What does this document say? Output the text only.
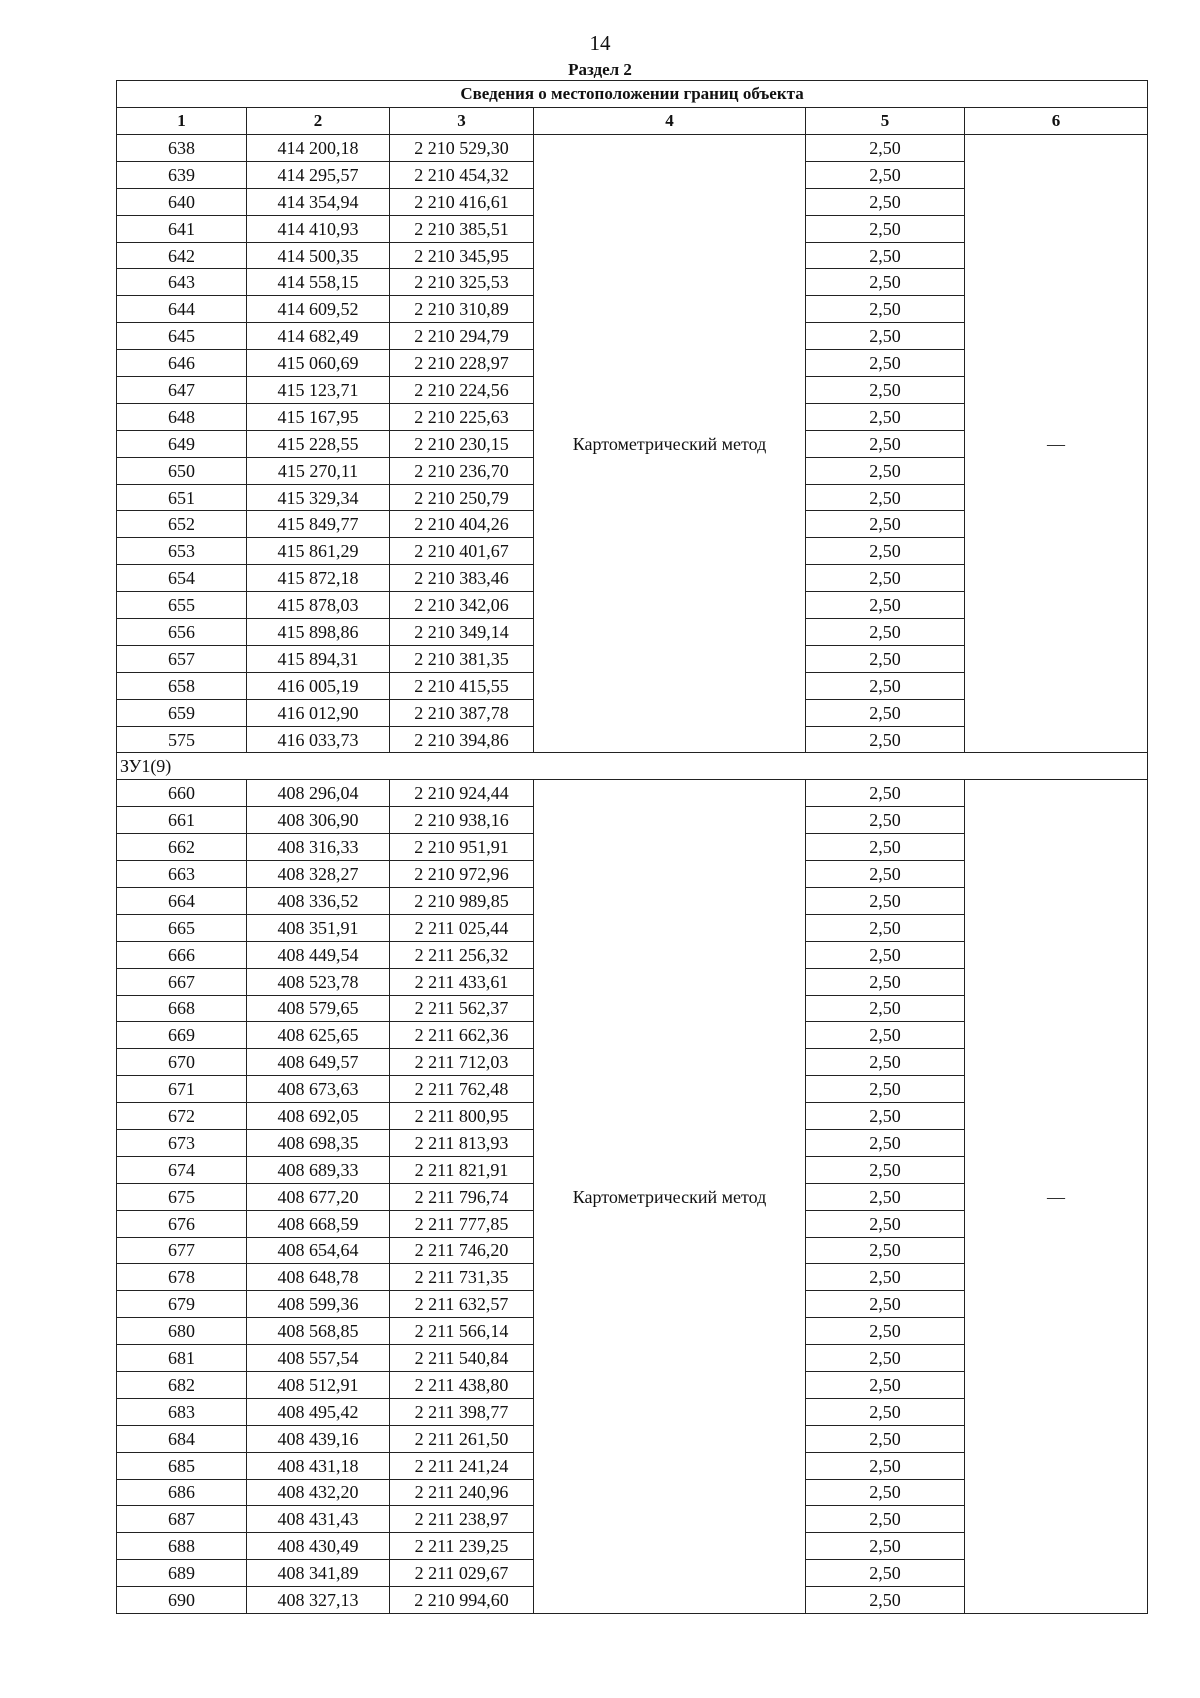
14
Раздел 2
Сведения о местоположении границ объекта					
1	2	3	4	5	6
638	414 200,18	2 210 529,30	Картометрический метод	2,50	—
639	414 295,57	2 210 454,32		2,50	
640	414 354,94	2 210 416,61		2,50	
641	414 410,93	2 210 385,51		2,50	
642	414 500,35	2 210 345,95		2,50	
643	414 558,15	2 210 325,53		2,50	
644	414 609,52	2 210 310,89		2,50	
645	414 682,49	2 210 294,79		2,50	
646	415 060,69	2 210 228,97		2,50	
647	415 123,71	2 210 224,56		2,50	
648	415 167,95	2 210 225,63		2,50	
649	415 228,55	2 210 230,15		2,50	
650	415 270,11	2 210 236,70		2,50	
651	415 329,34	2 210 250,79		2,50	
652	415 849,77	2 210 404,26		2,50	
653	415 861,29	2 210 401,67		2,50	
654	415 872,18	2 210 383,46		2,50	
655	415 878,03	2 210 342,06		2,50	
656	415 898,86	2 210 349,14		2,50	
657	415 894,31	2 210 381,35		2,50	
658	416 005,19	2 210 415,55		2,50	
659	416 012,90	2 210 387,78		2,50	
575	416 033,73	2 210 394,86		2,50	
ЗУ1(9)					
660	408 296,04	2 210 924,44	Картометрический метод	2,50	—
661	408 306,90	2 210 938,16		2,50	
662	408 316,33	2 210 951,91		2,50	
663	408 328,27	2 210 972,96		2,50	
664	408 336,52	2 210 989,85		2,50	
665	408 351,91	2 211 025,44		2,50	
666	408 449,54	2 211 256,32		2,50	
667	408 523,78	2 211 433,61		2,50	
668	408 579,65	2 211 562,37		2,50	
669	408 625,65	2 211 662,36		2,50	
670	408 649,57	2 211 712,03		2,50	
671	408 673,63	2 211 762,48		2,50	
672	408 692,05	2 211 800,95		2,50	
673	408 698,35	2 211 813,93		2,50	
674	408 689,33	2 211 821,91		2,50	
675	408 677,20	2 211 796,74		2,50	
676	408 668,59	2 211 777,85		2,50	
677	408 654,64	2 211 746,20		2,50	
678	408 648,78	2 211 731,35		2,50	
679	408 599,36	2 211 632,57		2,50	
680	408 568,85	2 211 566,14		2,50	
681	408 557,54	2 211 540,84		2,50	
682	408 512,91	2 211 438,80		2,50	
683	408 495,42	2 211 398,77		2,50	
684	408 439,16	2 211 261,50		2,50	
685	408 431,18	2 211 241,24		2,50	
686	408 432,20	2 211 240,96		2,50	
687	408 431,43	2 211 238,97		2,50	
688	408 430,49	2 211 239,25		2,50	
689	408 341,89	2 211 029,67		2,50	
690	408 327,13	2 210 994,60		2,50	
